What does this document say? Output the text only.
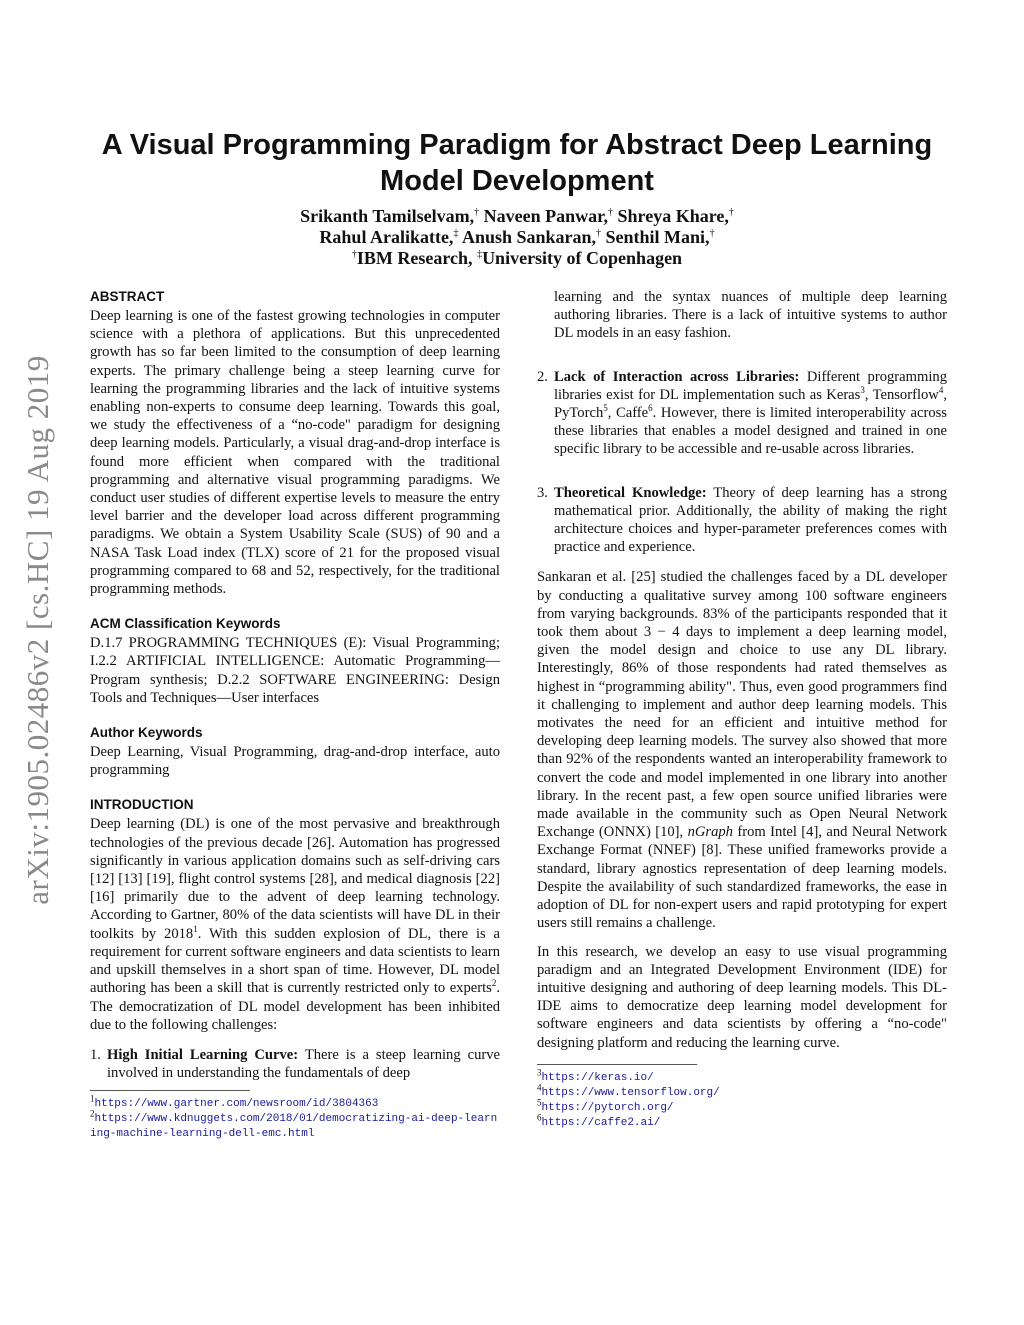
arXiv:1905.02486v2 [cs.HC] 19 Aug 2019
A Visual Programming Paradigm for Abstract Deep Learning Model Development
Srikanth Tamilselvam,† Naveen Panwar,† Shreya Khare,†
Rahul Aralikatte,‡ Anush Sankaran,† Senthil Mani,†
†IBM Research, ‡University of Copenhagen
ABSTRACT

Deep learning is one of the fastest growing technologies in computer science with a plethora of applications. But this unprecedented growth has so far been limited to the consumption of deep learning experts. The primary challenge being a steep learning curve for learning the programming libraries and the lack of intuitive systems enabling non-experts to consume deep learning. Towards this goal, we study the effectiveness of a “no-code" paradigm for designing deep learning models. Particularly, a visual drag-and-drop interface is found more efficient when compared with the traditional programming and alternative visual programming paradigms. We conduct user studies of different expertise levels to measure the entry level barrier and the developer load across different programming paradigms. We obtain a System Usability Scale (SUS) of 90 and a NASA Task Load index (TLX) score of 21 for the proposed visual programming compared to 68 and 52, respectively, for the traditional programming methods.

ACM Classification Keywords

D.1.7 PROGRAMMING TECHNIQUES (E): Visual Programming; I.2.2 ARTIFICIAL INTELLIGENCE: Automatic Programming—Program synthesis; D.2.2 SOFTWARE ENGINEERING: Design Tools and Techniques—User interfaces

Author Keywords

Deep Learning, Visual Programming, drag-and-drop interface, auto programming

INTRODUCTION

Deep learning (DL) is one of the most pervasive and breakthrough technologies of the previous decade [26]. Automation has progressed significantly in various application domains such as self-driving cars [12] [13] [19], flight control systems [28], and medical diagnosis [22] [16] primarily due to the advent of deep learning technology. According to Gartner, 80% of the data scientists will have DL in their toolkits by 2018$^1$. With this sudden explosion of DL, there is a requirement for current software engineers and data scientists to learn and upskill themselves in a short span of time. However, DL model authoring has been a skill that is currently restricted only to experts$^2$. The democratization of DL model development has been inhibited due to the following challenges:

1. High Initial Learning Curve: There is a steep learning curve involved in understanding the fundamentals of deep
$^1$https://www.gartner.com/newsroom/id/3804363
$^2$https://www.kdnuggets.com/2018/01/democratizing-ai-deep-learning-machine-learning-dell-emc.html
learning and the syntax nuances of multiple deep learning authoring libraries. There is a lack of intuitive systems to author DL models in an easy fashion.
2. Lack of Interaction across Libraries: Different programming libraries exist for DL implementation such as Keras$^3$, Tensorflow$^4$, PyTorch$^5$, Caffe$^6$. However, there is limited interoperability across these libraries that enables a model designed and trained in one specific library to be accessible and re-usable across libraries.
3. Theoretical Knowledge: Theory of deep learning has a strong mathematical prior. Additionally, the ability of making the right architecture choices and hyper-parameter preferences comes with practice and experience.

Sankaran et al. [25] studied the challenges faced by a DL developer by conducting a qualitative survey among 100 software engineers from varying backgrounds. 83% of the participants responded that it took them about 3 − 4 days to implement a deep learning model, given the model design and choice to use any DL library. Interestingly, 86% of those respondents had rated themselves as highest in “programming ability". Thus, even good programmers find it challenging to implement and author deep learning models. This motivates the need for an efficient and intuitive method for developing deep learning models. The survey also showed that more than 92% of the respondents wanted an interoperability framework to convert the code and model implemented in one library into another library. In the recent past, a few open source unified libraries were made available in the community such as Open Neural Network Exchange (ONNX) [10], nGraph from Intel [4], and Neural Network Exchange Format (NNEF) [8]. These unified frameworks provide a standard, library agnostics representation of deep learning models. Despite the availability of such standardized frameworks, the ease in adoption of DL for non-expert users and rapid prototyping for expert users still remains a challenge.

In this research, we develop an easy to use visual programming paradigm and an Integrated Development Environment (IDE) for intuitive designing and authoring of deep learning models. This DL-IDE aims to democratize deep learning model development for software engineers and data scientists by offering a “no-code" designing platform and reducing the learning curve.

$^3$https://keras.io/
$^4$https://www.tensorflow.org/
$^5$https://pytorch.org/
$^6$https://caffe2.ai/
